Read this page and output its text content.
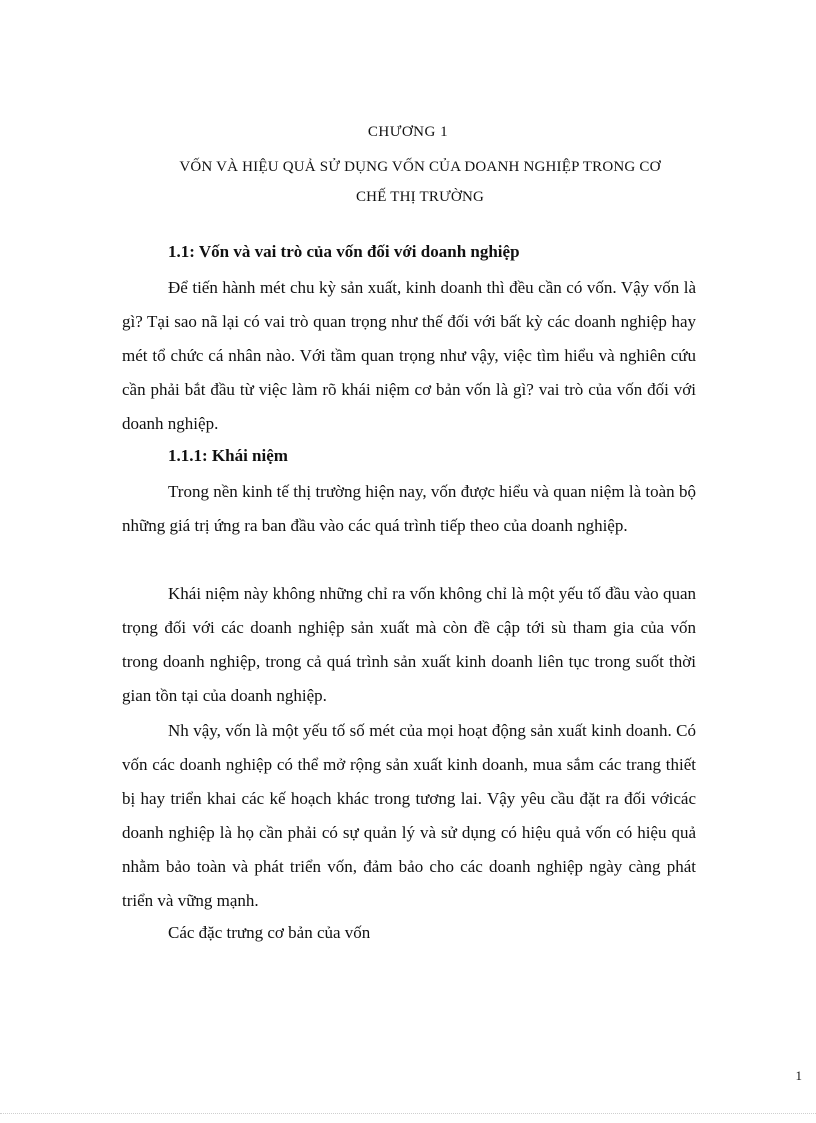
CHƯƠNG 1
VỐN VÀ HIỆU QUẢ SỬ DỤNG VỐN CỦA DOANH NGHIỆP TRONG CƠ
CHẾ THỊ TRƯỜNG
1.1: Vốn và vai trò của vốn đối với doanh nghiệp
Để tiến hành mét chu kỳ sản xuất, kinh doanh thì đều cần có vốn. Vậy vốn là gì? Tại sao nã lại có vai trò quan trọng như thế đối với bất kỳ các doanh nghiệp hay mét tổ chức cá nhân nào. Với tầm quan trọng như vậy, việc tìm hiểu và nghiên cứu cần phải bắt đầu từ việc làm rõ khái niệm cơ bản vốn là gì? vai trò của vốn đối với doanh nghiệp.
1.1.1: Khái niệm
Trong nền kinh tế thị trường hiện nay, vốn được hiểu và quan niệm là toàn bộ những giá trị ứng ra ban đầu vào các quá trình tiếp theo của doanh nghiệp.
Khái niệm này không những chỉ ra vốn không chỉ là một yếu tố đầu vào quan trọng đối với các doanh nghiệp sản xuất mà còn đề cập tới sù tham gia của vốn trong doanh nghiệp, trong cả quá trình sản xuất kinh doanh liên tục trong suốt thời gian tồn tại của doanh nghiệp.
Nh vậy, vốn là một yếu tố số mét của mọi hoạt động sản xuất kinh doanh. Có vốn các doanh nghiệp có thể mở rộng sản xuất kinh doanh, mua sắm các trang thiết bị hay triển khai các kế hoạch khác trong tương lai. Vậy yêu cầu đặt ra đối vớicác doanh nghiệp là họ cần phải có sự quản lý và sử dụng có hiệu quả vốn có hiệu quả nhằm bảo toàn và phát triển vốn, đảm bảo cho các doanh nghiệp ngày càng phát triển và vững mạnh.
Các đặc trưng cơ bản của vốn
1
